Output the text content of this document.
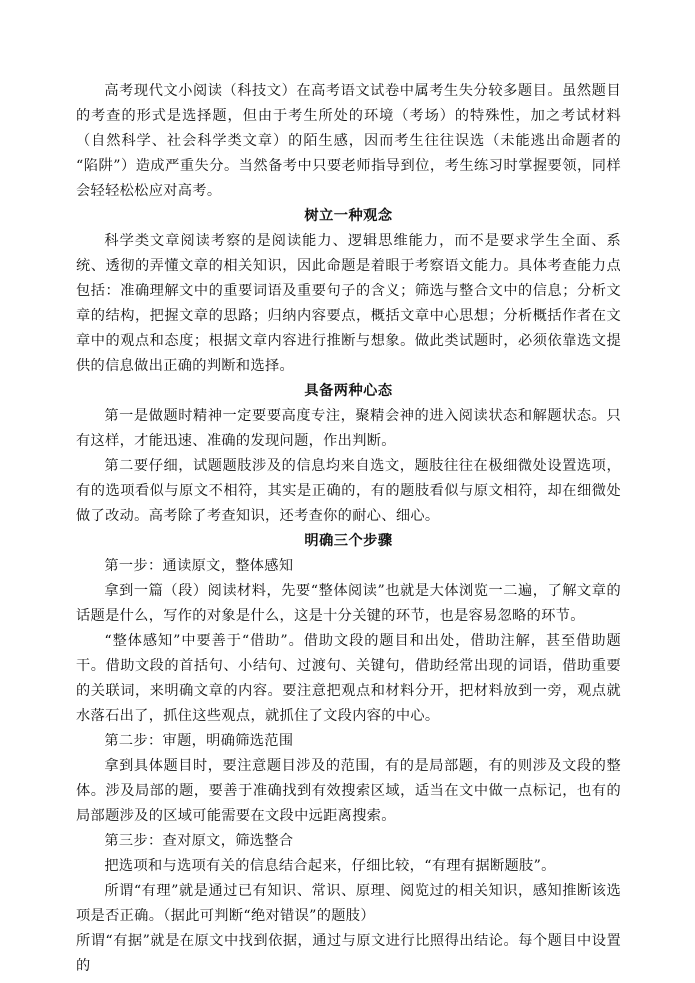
高考现代文小阅读（科技文）在高考语文试卷中属考生失分较多题目。虽然题目的考查的形式是选择题，但由于考生所处的环境（考场）的特殊性，加之考试材料（自然科学、社会科学类文章）的陌生感，因而考生往往误选（未能逃出命题者的 “陷阱”）造成严重失分。当然备考中只要老师指导到位，考生练习时掌握要领，同样会轻轻松松应对高考。

树立一种观念

科学类文章阅读考察的是阅读能力、逻辑思维能力，而不是要求学生全面、系统、透彻的弄懂文章的相关知识，因此命题是着眼于考察语文能力。具体考查能力点包括：准确理解文中的重要词语及重要句子的含义；筛选与整合文中的信息；分析文章的结构，把握文章的思路；归纳内容要点，概括文章中心思想；分析概括作者在文章中的观点和态度；根据文章内容进行推断与想象。做此类试题时，必须依靠选文提供的信息做出正确的判断和选择。

具备两种心态

第一是做题时精神一定要要高度专注，聚精会神的进入阅读状态和解题状态。只有这样，才能迅速、准确的发现问题，作出判断。

第二要仔细，试题题肢涉及的信息均来自选文，题肢往往在极细微处设置选项，有的选项看似与原文不相符，其实是正确的，有的题肢看似与原文相符，却在细微处做了改动。高考除了考查知识，还考查你的耐心、细心。

明确三个步骤

第一步：通读原文，整体感知

拿到一篇（段）阅读材料，先要“整体阅读”也就是大体浏览一二遍，了解文章的话题是什么，写作的对象是什么，这是十分关键的环节，也是容易忽略的环节。

“整体感知”中要善于“借助”。借助文段的题目和出处，借助注解，甚至借助题干。借助文段的首括句、小结句、过渡句、关键句，借助经常出现的词语，借助重要的关联词，来明确文章的内容。要注意把观点和材料分开，把材料放到一旁，观点就水落石出了，抓住这些观点，就抓住了文段内容的中心。

第二步：审题，明确筛选范围

拿到具体题目时，要注意题目涉及的范围，有的是局部题，有的则涉及文段的整体。涉及局部的题，要善于准确找到有效搜索区域，适当在文中做一点标记，也有的局部题涉及的区域可能需要在文段中远距离搜索。

第三步：查对原文，筛选整合

把选项和与选项有关的信息结合起来，仔细比较，“有理有据断题肢”。

所谓“有理”就是通过已有知识、常识、原理、阅览过的相关知识，感知推断该选项是否正确。（据此可判断“绝对错误”的题肢）

所谓“有据”就是在原文中找到依据，通过与原文进行比照得出结论。每个题目中设置的
